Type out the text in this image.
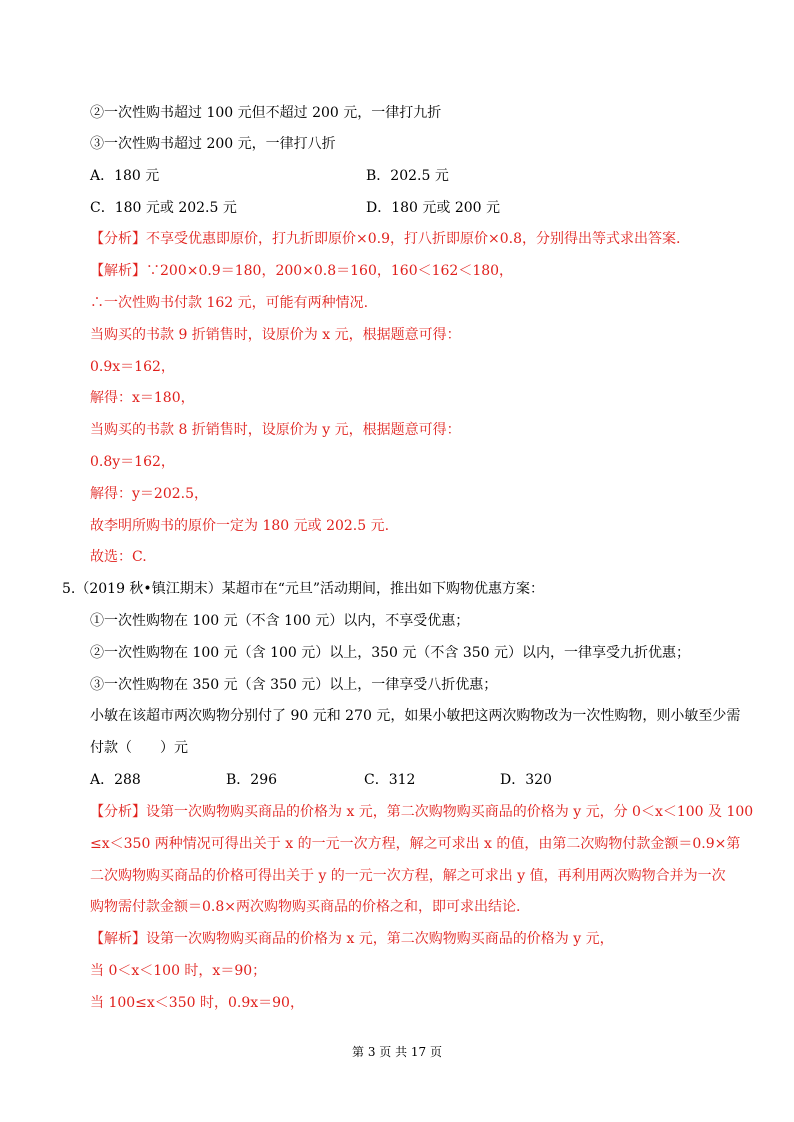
②一次性购书超过 100 元但不超过 200 元，一律打九折
③一次性购书超过 200 元，一律打八折
A．180 元	B．202.5 元
C．180 元或 202.5 元	D．180 元或 200 元
【分析】不享受优惠即原价，打九折即原价×0.9，打八折即原价×0.8，分别得出等式求出答案.
【解析】∵200×0.9＝180，200×0.8＝160，160＜162＜180，
∴一次性购书付款 162 元，可能有两种情况.
当购买的书款 9 折销售时，设原价为 x 元，根据题意可得：
0.9x＝162，
解得：x＝180，
当购买的书款 8 折销售时，设原价为 y 元，根据题意可得：
0.8y＝162，
解得：y＝202.5，
故李明所购书的原价一定为 180 元或 202.5 元.
故选：C.
5.（2019 秋•镇江期末）某超市在“元旦”活动期间，推出如下购物优惠方案：
①一次性购物在 100 元（不含 100 元）以内，不享受优惠；
②一次性购物在 100 元（含 100 元）以上，350 元（不含 350 元）以内，一律享受九折优惠；
③一次性购物在 350 元（含 350 元）以上，一律享受八折优惠；
小敏在该超市两次购物分别付了 90 元和 270 元，如果小敏把这两次购物改为一次性购物，则小敏至少需
付款（　　）元
A．288	B．296	C．312	D．320
【分析】设第一次购物购买商品的价格为 x 元，第二次购物购买商品的价格为 y 元，分 0＜x＜100 及 100
≤x＜350 两种情况可得出关于 x 的一元一次方程，解之可求出 x 的值，由第二次购物付款金额＝0.9×第
二次购物购买商品的价格可得出关于 y 的一元一次方程，解之可求出 y 值，再利用两次购物合并为一次
购物需付款金额＝0.8×两次购物购买商品的价格之和，即可求出结论.
【解析】设第一次购物购买商品的价格为 x 元，第二次购物购买商品的价格为 y 元，
当 0＜x＜100 时，x＝90；
当 100≤x＜350 时，0.9x＝90，
第 3 页 共 17 页
